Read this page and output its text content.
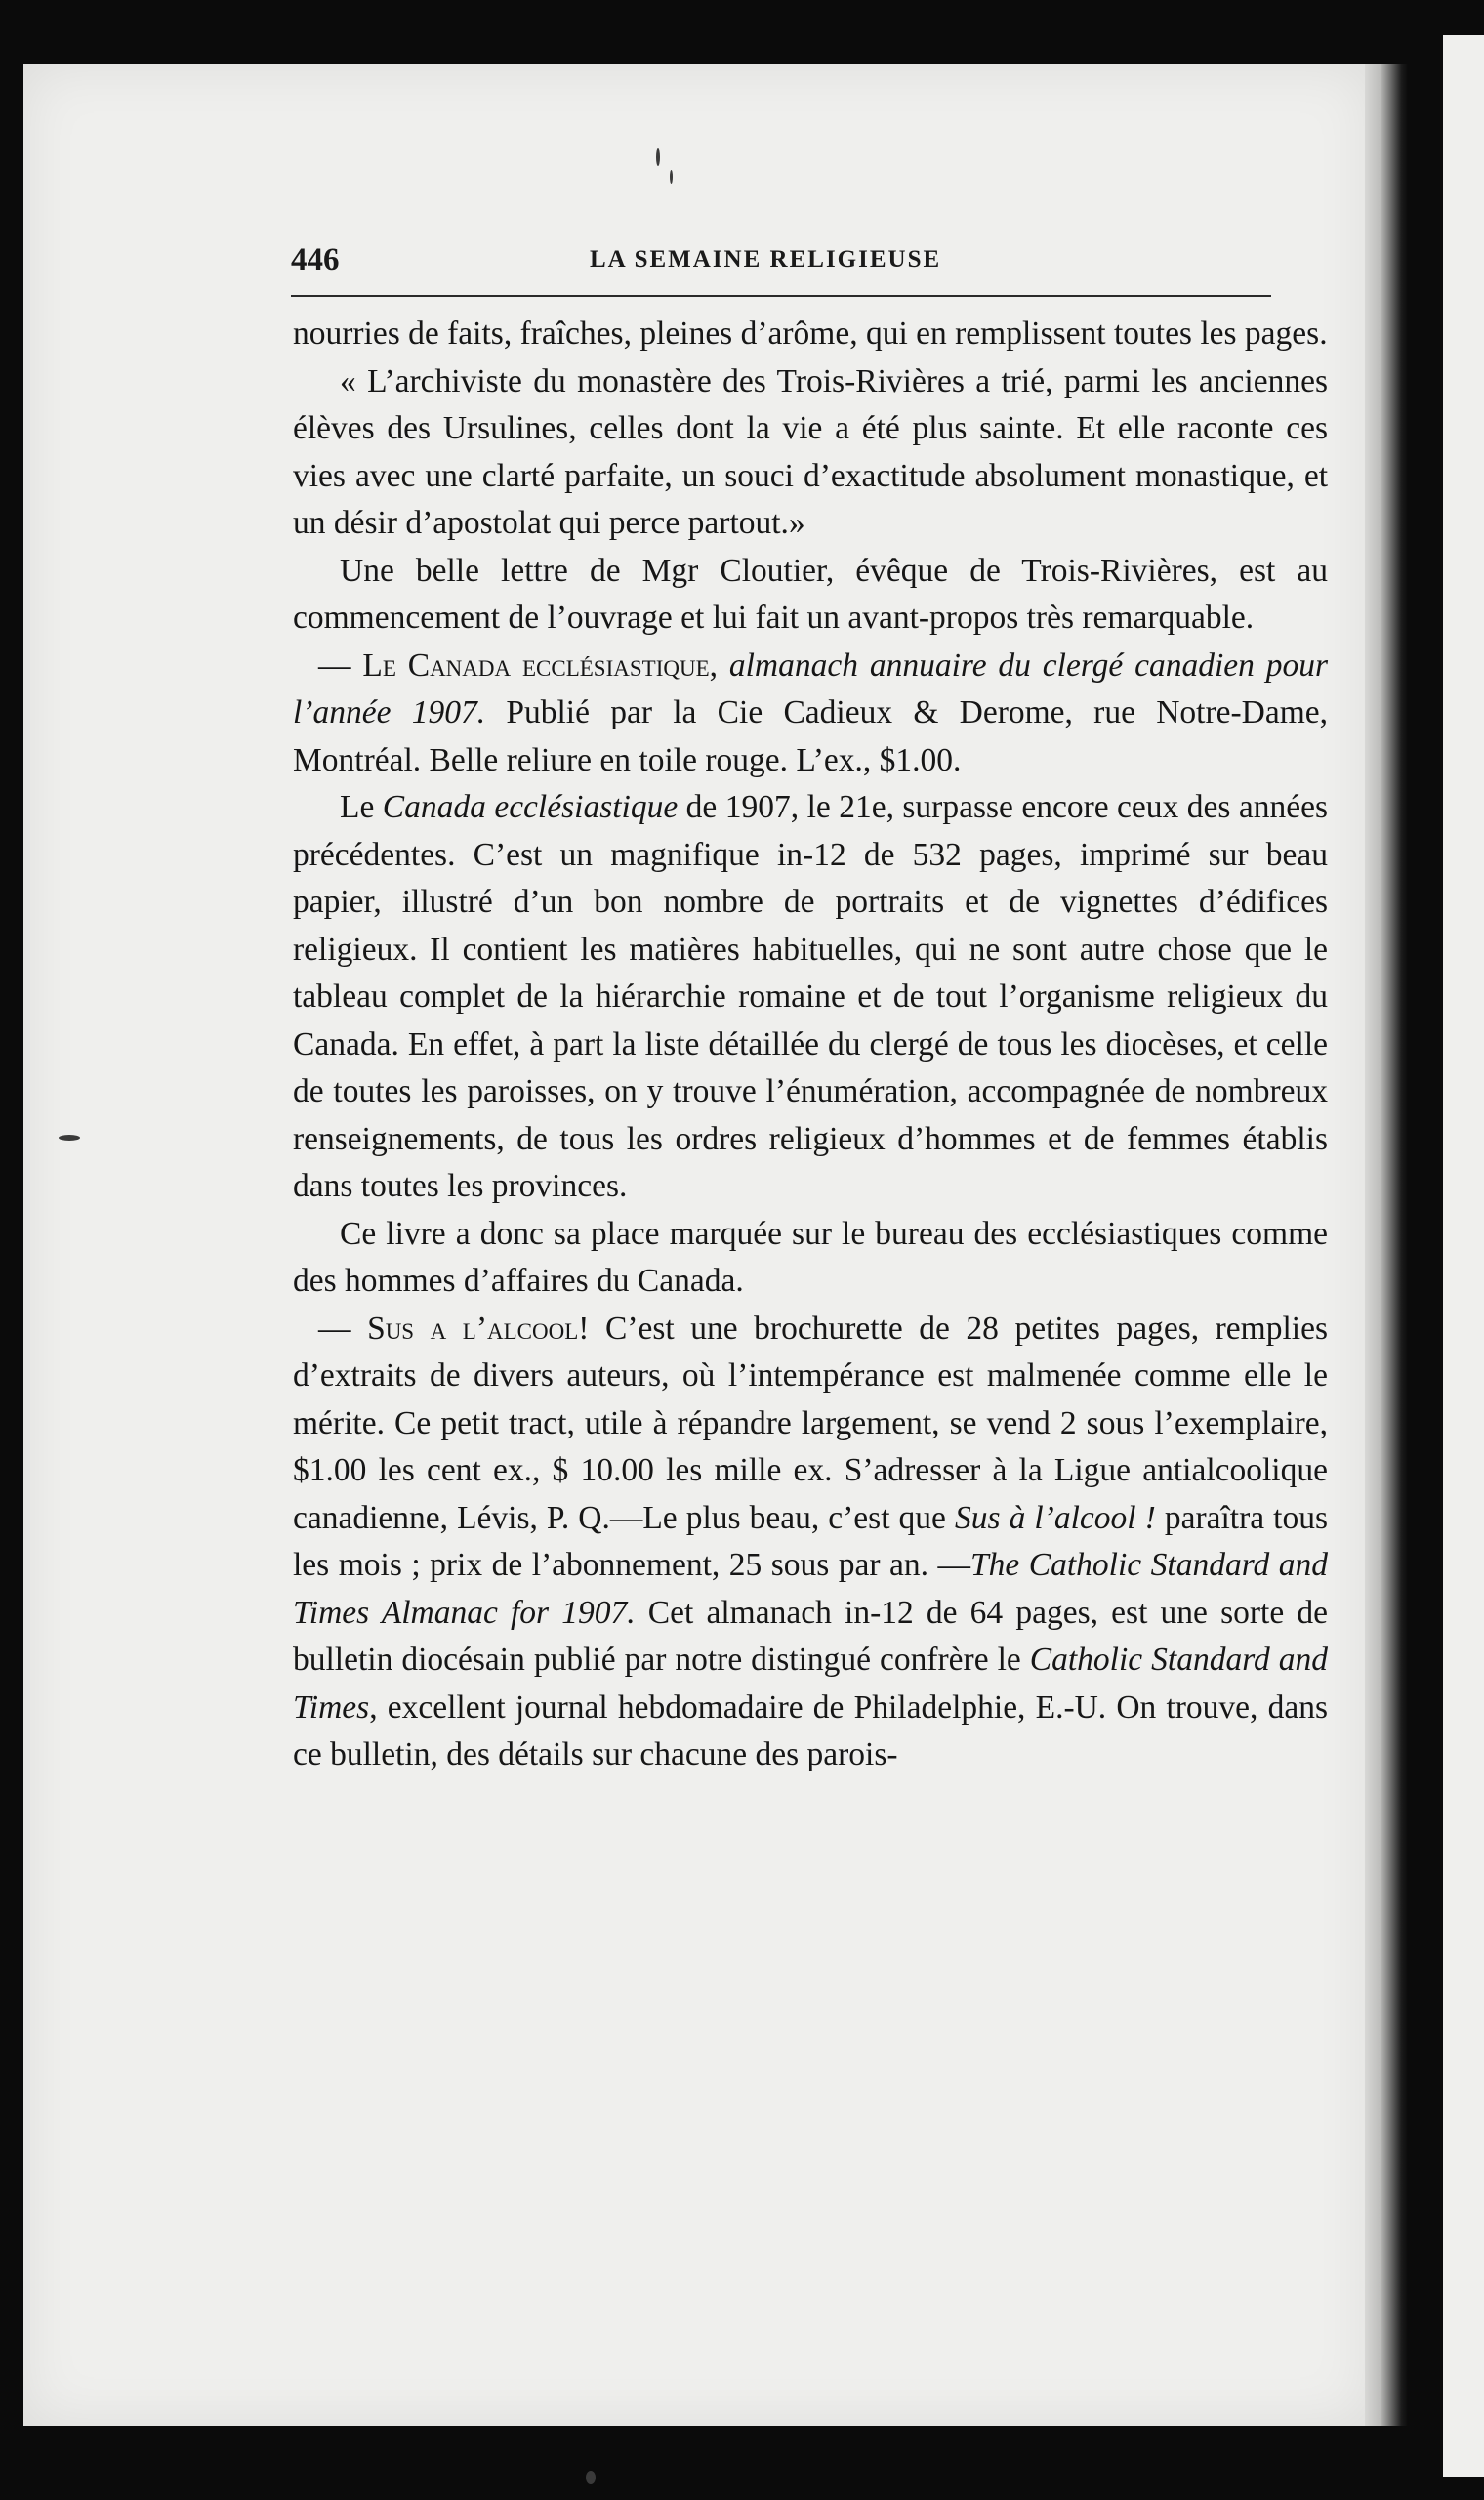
446	LA SEMAINE RELIGIEUSE

nourries de faits, fraîches, pleines d’arôme, qui en remplissent toutes les pages.

« L’archiviste du monastère des Trois-Rivières a trié, parmi les anciennes élèves des Ursulines, celles dont la vie a été plus sainte. Et elle raconte ces vies avec une clarté parfaite, un souci d’exactitude absolument monastique, et un désir d’apostolat qui perce partout.»

Une belle lettre de Mgr Cloutier, évêque de Trois-Rivières, est au commencement de l’ouvrage et lui fait un avant-propos très remarquable.

— Le Canada ecclésiastique, almanach annuaire du clergé canadien pour l’année 1907. Publié par la Cie Cadieux & Derome, rue Notre-Dame, Montréal. Belle reliure en toile rouge. L’ex., $1.00.

Le Canada ecclésiastique de 1907, le 21e, surpasse encore ceux des années précédentes. C’est un magnifique in-12 de 532 pages, imprimé sur beau papier, illustré d’un bon nombre de portraits et de vignettes d’édifices religieux. Il contient les matières habituelles, qui ne sont autre chose que le tableau complet de la hiérarchie romaine et de tout l’organisme religieux du Canada. En effet, à part la liste détaillée du clergé de tous les diocèses, et celle de toutes les paroisses, on y trouve l’énumération, accompagnée de nombreux renseignements, de tous les ordres religieux d’hommes et de femmes établis dans toutes les provinces.

Ce livre a donc sa place marquée sur le bureau des ecclésiastiques comme des hommes d’affaires du Canada.

— Sus a l’alcool! C’est une brochurette de 28 petites pages, remplies d’extraits de divers auteurs, où l’intempérance est malmenée comme elle le mérite. Ce petit tract, utile à répandre largement, se vend 2 sous l’exemplaire, $1.00 les cent ex., $ 10.00 les mille ex. S’adresser à la Ligue antialcoolique canadienne, Lévis, P. Q.—Le plus beau, c’est que Sus à l’alcool ! paraîtra tous les mois ; prix de l’abonnement, 25 sous par an. —The Catholic Standard and Times Almanac for 1907. Cet almanach in-12 de 64 pages, est une sorte de bulletin diocésain publié par notre distingué confrère le Catholic Standard and Times, excellent journal hebdomadaire de Philadelphie, E.-U. On trouve, dans ce bulletin, des détails sur chacune des parois-
